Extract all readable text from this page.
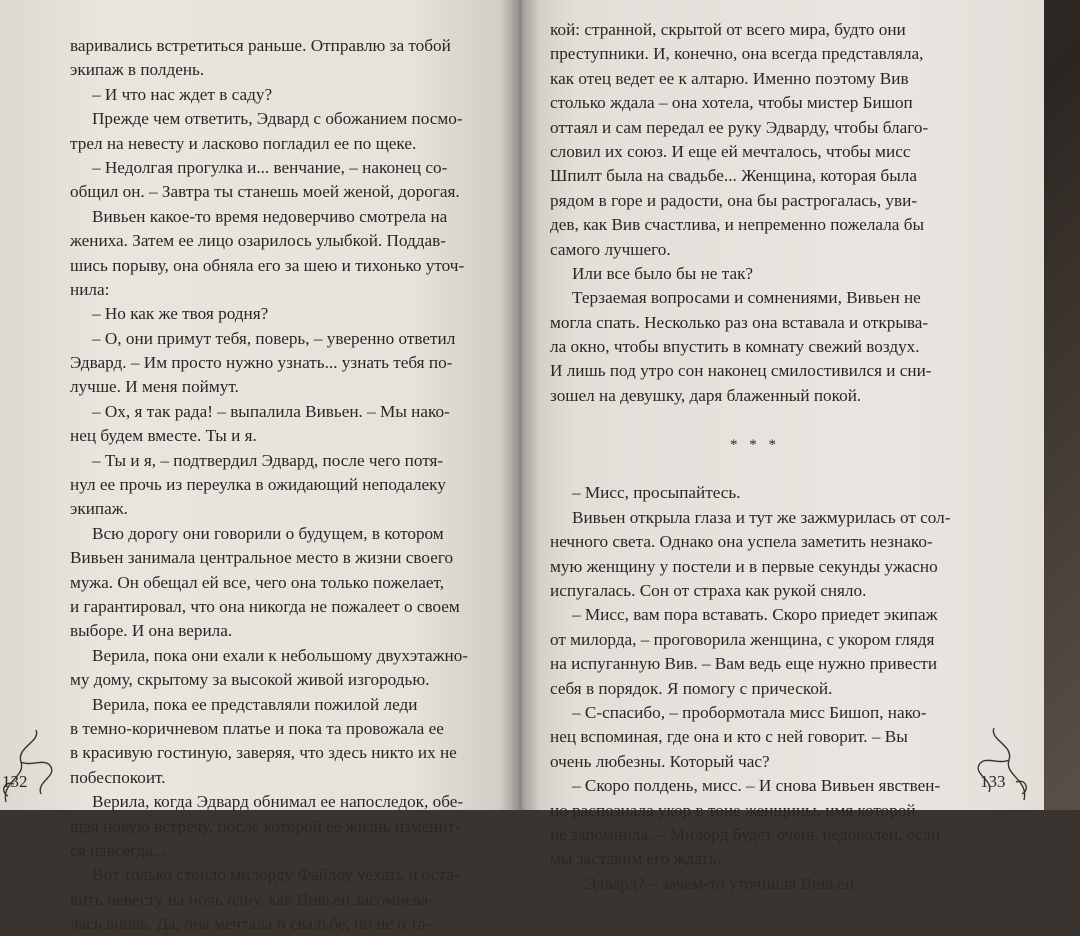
варивались встретиться раньше. Отправлю за тобой
экипаж в полдень.
– И что нас ждет в саду?
Прежде чем ответить, Эдвард с обожанием посмо-
трел на невесту и ласково погладил ее по щеке.
– Недолгая прогулка и... венчание, – наконец со-
общил он. – Завтра ты станешь моей женой, дорогая.
Вивьен какое-то время недоверчиво смотрела на
жениха. Затем ее лицо озарилось улыбкой. Поддав-
шись порыву, она обняла его за шею и тихонько уточ-
нила:
– Но как же твоя родня?
– О, они примут тебя, поверь, – уверенно ответил
Эдвард. – Им просто нужно узнать... узнать тебя по-
лучше. И меня поймут.
– Ох, я так рада! – выпалила Вивьен. – Мы нако-
нец будем вместе. Ты и я.
– Ты и я, – подтвердил Эдвард, после чего потя-
нул ее прочь из переулка в ожидающий неподалеку
экипаж.
Всю дорогу они говорили о будущем, в котором
Вивьен занимала центральное место в жизни своего
мужа. Он обещал ей все, чего она только пожелает,
и гарантировал, что она никогда не пожалеет о своем
выборе. И она верила.
Верила, пока они ехали к небольшому двухэтажно-
му дому, скрытому за высокой живой изгородью.
Верила, пока ее представляли пожилой леди
в темно-коричневом платье и пока та провожала ее
в красивую гостиную, заверяя, что здесь никто их не
побеспокоит.
Верила, когда Эдвард обнимал ее напоследок, обе-
щая новую встречу, после которой ее жизнь изменит-
ся навсегда...
Вот только стоило милорду Файлоу уехать и оста-
вить невесту на ночь одну, как Вивьен засомнева-
лась вновь. Да, она мечтала о свадьбе, но не о та-
132
кой: странной, скрытой от всего мира, будто они
преступники. И, конечно, она всегда представляла,
как отец ведет ее к алтарю. Именно поэтому Вив
столько ждала – она хотела, чтобы мистер Бишоп
оттаял и сам передал ее руку Эдварду, чтобы благо-
словил их союз. И еще ей мечталось, чтобы мисс
Шпилт была на свадьбе... Женщина, которая была
рядом в горе и радости, она бы растрогалась, уви-
дев, как Вив счастлива, и непременно пожелала бы
самого лучшего.
Или все было бы не так?
Терзаемая вопросами и сомнениями, Вивьен не
могла спать. Несколько раз она вставала и открыва-
ла окно, чтобы впустить в комнату свежий воздух.
И лишь под утро сон наконец смилостивился и сни-
зошел на девушку, даря блаженный покой.
* * *
– Мисс, просыпайтесь.
Вивьен открыла глаза и тут же зажмурилась от сол-
нечного света. Однако она успела заметить незнако-
мую женщину у постели и в первые секунды ужасно
испугалась. Сон от страха как рукой сняло.
– Мисс, вам пора вставать. Скоро приедет экипаж
от милорда, – проговорила женщина, с укором глядя
на испуганную Вив. – Вам ведь еще нужно привести
себя в порядок. Я помогу с прической.
– С-спасибо, – пробормотала мисс Бишоп, нако-
нец вспоминая, где она и кто с ней говорит. – Вы
очень любезны. Который час?
– Скоро полдень, мисс. – И снова Вивьен явствен-
но распознала укор в тоне женщины, имя которой
не запомнила. – Милорд будет очень недоволен, если
мы заставим его ждать.
– Эдвард? – зачем-то уточнила Вивьен.
133
